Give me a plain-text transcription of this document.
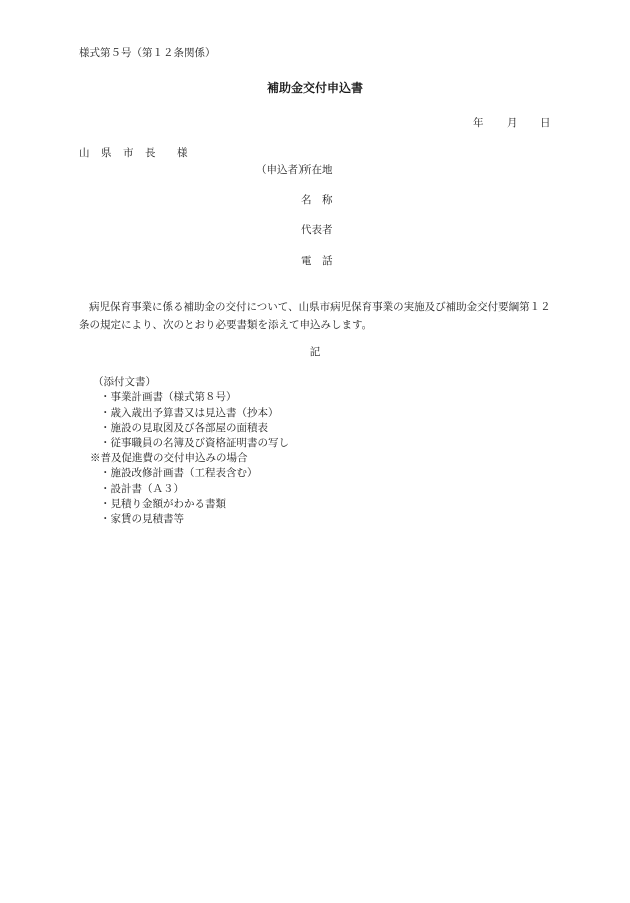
様式第５号（第１２条関係）
補助金交付申込書
年 月 日
山 県 市 長 様
（申込者）
所在地
名　称
代表者
電　話
病児保育事業に係る補助金の交付について、山県市病児保育事業の実施及び補助金交付要綱第１２条の規定により、次のとおり必要書類を添えて申込みします。
記
（添付文書）
・事業計画書（様式第８号）
・歳入歳出予算書又は見込書（抄本）
・施設の見取図及び各部屋の面積表
・従事職員の名簿及び資格証明書の写し
※普及促進費の交付申込みの場合
・施設改修計画書（工程表含む）
・設計書（Ａ３）
・見積り金額がわかる書類
・家賃の見積書等
